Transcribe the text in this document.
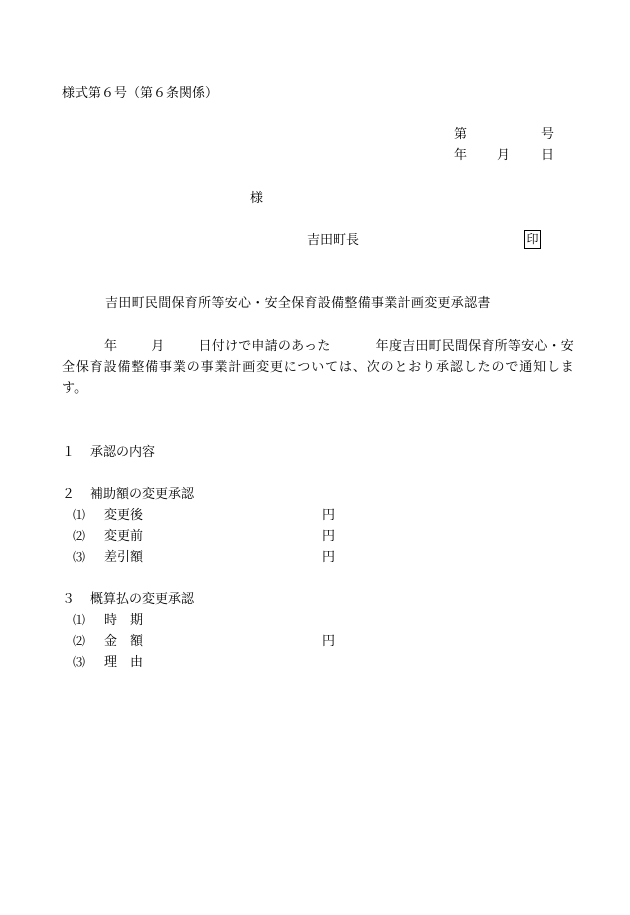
様式第６号（第６条関係）
第	号
年 月 日
様
吉田町長	印
吉田町民間保育所等安心・安全保育設備整備事業計画変更承認書
年	月	日付けで申請のあった	年度吉田町民間保育所等安心・安全保育設備整備事業の事業計画変更については、次のとおり承認したので通知します。
１ 承認の内容
２ 補助額の変更承認
⑴ 変更後	円
⑵ 変更前	円
⑶ 差引額	円
３ 概算払の変更承認
⑴ 時　期
⑵ 金　額	円
⑶ 理　由
